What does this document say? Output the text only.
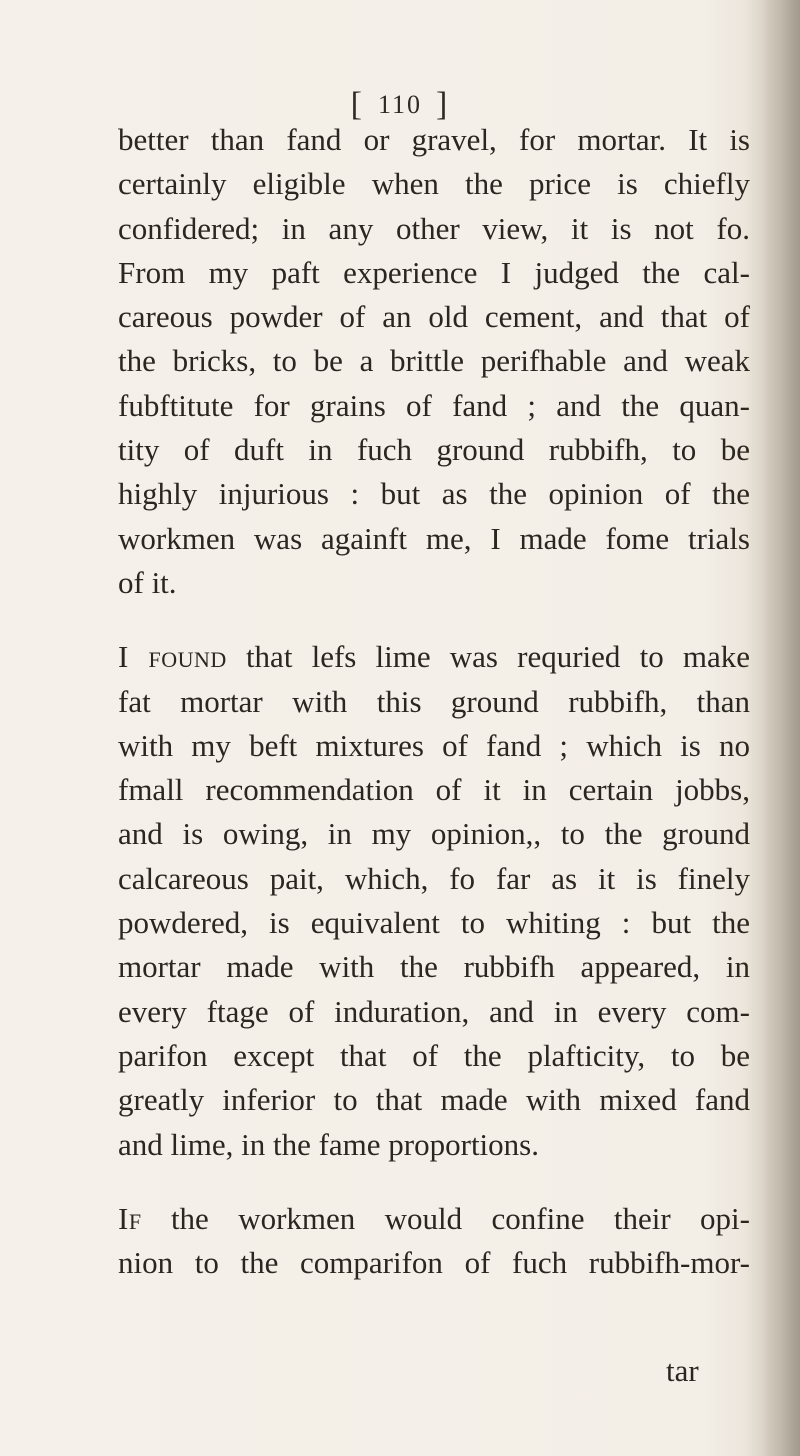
[ 110 ]
better than fand or gravel, for mortar. It is
certainly eligible when the price is chiefly
confidered; in any other view, it is not fo.
From my paft experience I judged the cal-
careous powder of an old cement, and that of
the bricks, to be a brittle perifhable and weak
fubftitute for grains of fand ; and the quan-
tity of duft in fuch ground rubbifh, to be
highly injurious : but as the opinion of the
workmen was againft me, I made fome trials
of it.
I found that lefs lime was requried to make
fat mortar with this ground rubbifh, than
with my beft mixtures of fand ; which is no
fmall recommendation of it in certain jobbs,
and is owing, in my opinion,, to the ground
calcareous pait, which, fo far as it is finely
powdered, is equivalent to whiting : but the
mortar made with the rubbifh appeared, in
every ftage of induration, and in every com-
parifon except that of the plafticity, to be
greatly inferior to that made with mixed fand
and lime, in the fame proportions.
If the workmen would confine their opi-
nion to the comparifon of fuch rubbifh-mor-
tar
